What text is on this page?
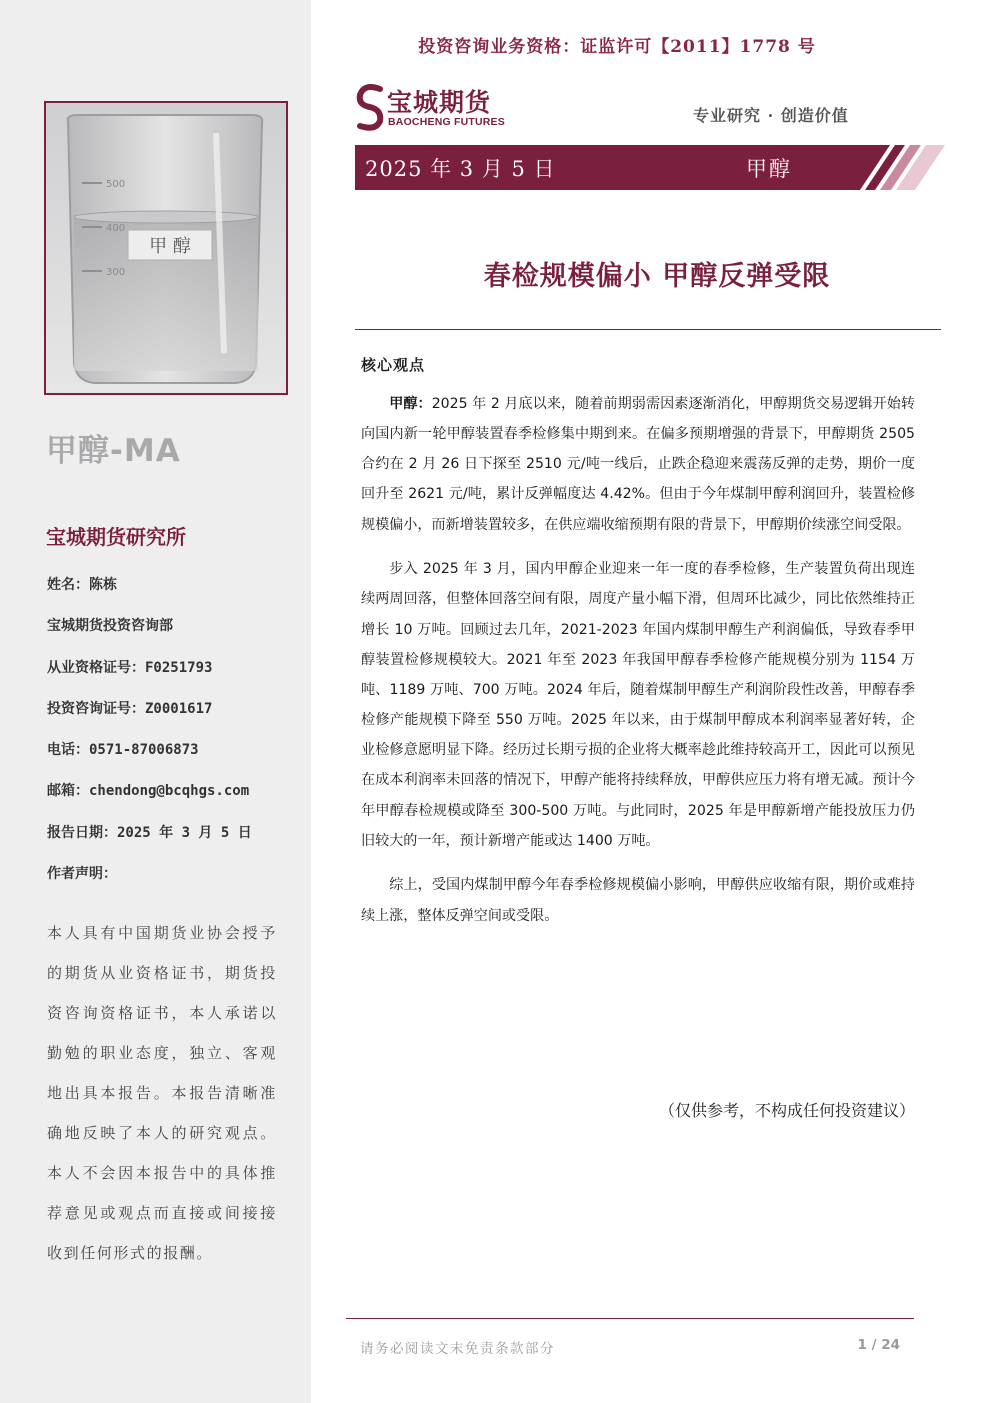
500
400
300
甲 醇
甲醇-MA
宝城期货研究所
姓名：陈栋
宝城期货投资咨询部
从业资格证号：F0251793
投资咨询证号：Z0001617
电话：0571-87006873
邮箱：chendong@bcqhgs.com
报告日期：2025 年 3 月 5 日
作者声明：
本人具有中国期货业协会授予的期货从业资格证书，期货投资咨询资格证书，本人承诺以勤勉的职业态度，独立、客观地出具本报告。本报告清晰准确地反映了本人的研究观点。本人不会因本报告中的具体推荐意见或观点而直接或间接接收到任何形式的报酬。
投资咨询业务资格：证监许可【2011】1778 号
宝城期货
BAOCHENG FUTURES	专业研究 · 创造价值
2025 年 3 月 5 日	甲醇
春检规模偏小 甲醇反弹受限
核心观点

甲醇：2025 年 2 月底以来，随着前期弱需因素逐渐消化，甲醇期货交易逻辑开始转向国内新一轮甲醇装置春季检修集中期到来。在偏多预期增强的背景下，甲醇期货 2505 合约在 2 月 26 日下探至 2510 元/吨一线后，止跌企稳迎来震荡反弹的走势，期价一度回升至 2621 元/吨，累计反弹幅度达 4.42%。但由于今年煤制甲醇利润回升，装置检修规模偏小，而新增装置较多，在供应端收缩预期有限的背景下，甲醇期价续涨空间受限。

步入 2025 年 3 月，国内甲醇企业迎来一年一度的春季检修，生产装置负荷出现连续两周回落，但整体回落空间有限，周度产量小幅下滑，但周环比减少，同比依然维持正增长 10 万吨。回顾过去几年，2021-2023 年国内煤制甲醇生产利润偏低，导致春季甲醇装置检修规模较大。2021 年至 2023 年我国甲醇春季检修产能规模分别为 1154 万吨、1189 万吨、700 万吨。2024 年后，随着煤制甲醇生产利润阶段性改善，甲醇春季检修产能规模下降至 550 万吨。2025 年以来，由于煤制甲醇成本利润率显著好转，企业检修意愿明显下降。经历过长期亏损的企业将大概率趁此维持较高开工，因此可以预见在成本利润率未回落的情况下，甲醇产能将持续释放，甲醇供应压力将有增无减。预计今年甲醇春检规模或降至 300-500 万吨。与此同时，2025 年是甲醇新增产能投放压力仍旧较大的一年，预计新增产能或达 1400 万吨。

综上，受国内煤制甲醇今年春季检修规模偏小影响，甲醇供应收缩有限，期价或难持续上涨，整体反弹空间或受限。

（仅供参考，不构成任何投资建议）
请务必阅读文末免责条款部分	1 / 24
